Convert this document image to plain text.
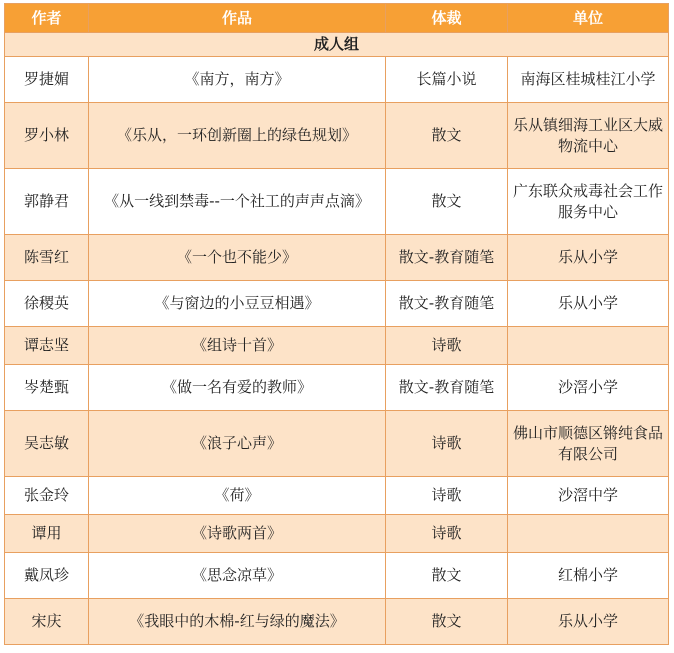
作者	作品	体裁	单位
成人组			
罗捷媚	《南方，南方》	长篇小说	南海区桂城桂江小学
罗小林	《乐从，一环创新圈上的绿色规划》	散文	乐从镇细海工业区大威物流中心
郭静君	《从一线到禁毒--一个社工的声声点滴》	散文	广东联众戒毒社会工作服务中心
陈雪红	《一个也不能少》	散文-教育随笔	乐从小学
徐稷英	《与窗边的小豆豆相遇》	散文-教育随笔	乐从小学
谭志坚	《组诗十首》	诗歌	
岑楚甄	《做一名有爱的教师》	散文-教育随笔	沙滘小学
吴志敏	《浪子心声》	诗歌	佛山市顺德区锵纯食品有限公司
张金玲	《荷》	诗歌	沙滘中学
谭用	《诗歌两首》	诗歌	
戴凤珍	《思念凉草》	散文	红棉小学
宋庆	《我眼中的木棉-红与绿的魔法》	散文	乐从小学
